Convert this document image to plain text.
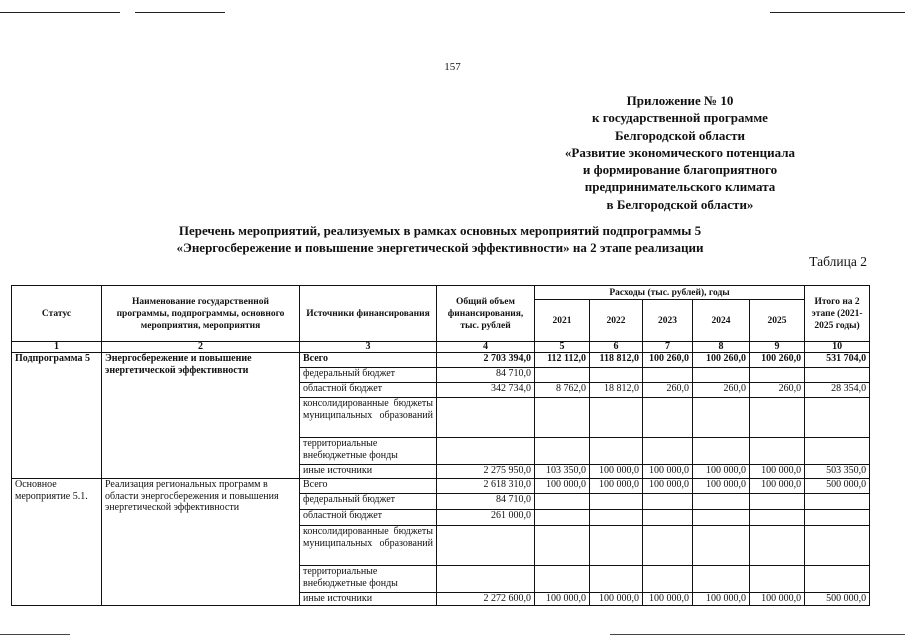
157
Приложение № 10
к государственной программе
Белгородской области
«Развитие экономического потенциала
и формирование благоприятного
предпринимательского климата
в Белгородской области»
Перечень мероприятий, реализуемых в рамках основных мероприятий подпрограммы 5
«Энергосбережение и повышение энергетической эффективности» на 2 этапе реализации
Таблица 2
Статус	Наименование государственной программы, подпрограммы, основного мероприятия, мероприятия	Источники финансирования	Общий объем финансирования, тыс. рублей	Расходы (тыс. рублей), годы					Итого на 2 этапе (2021-2025 годы)
				2021	2022	2023	2024	2025	
1	2	3	4	5	6	7	8	9	10
Подпрограмма 5	Энергосбережение и повышение энергетической эффективности	Всего	2 703 394,0	112 112,0	118 812,0	100 260,0	100 260,0	100 260,0	531 704,0
		федеральный бюджет	84 710,0						
		областной бюджет	342 734,0	8 762,0	18 812,0	260,0	260,0	260,0	28 354,0
		консолидированные бюджеты муниципальных образований							
		территориальные внебюджетные фонды							
		иные источники	2 275 950,0	103 350,0	100 000,0	100 000,0	100 000,0	100 000,0	503 350,0
Основное мероприятие 5.1.	Реализация региональных программ в области энергосбережения и повышения энергетической эффективности	Всего	2 618 310,0	100 000,0	100 000,0	100 000,0	100 000,0	100 000,0	500 000,0
		федеральный бюджет	84 710,0						
		областной бюджет	261 000,0						
		консолидированные бюджеты муниципальных образований							
		территориальные внебюджетные фонды							
		иные источники	2 272 600,0	100 000,0	100 000,0	100 000,0	100 000,0	100 000,0	500 000,0
